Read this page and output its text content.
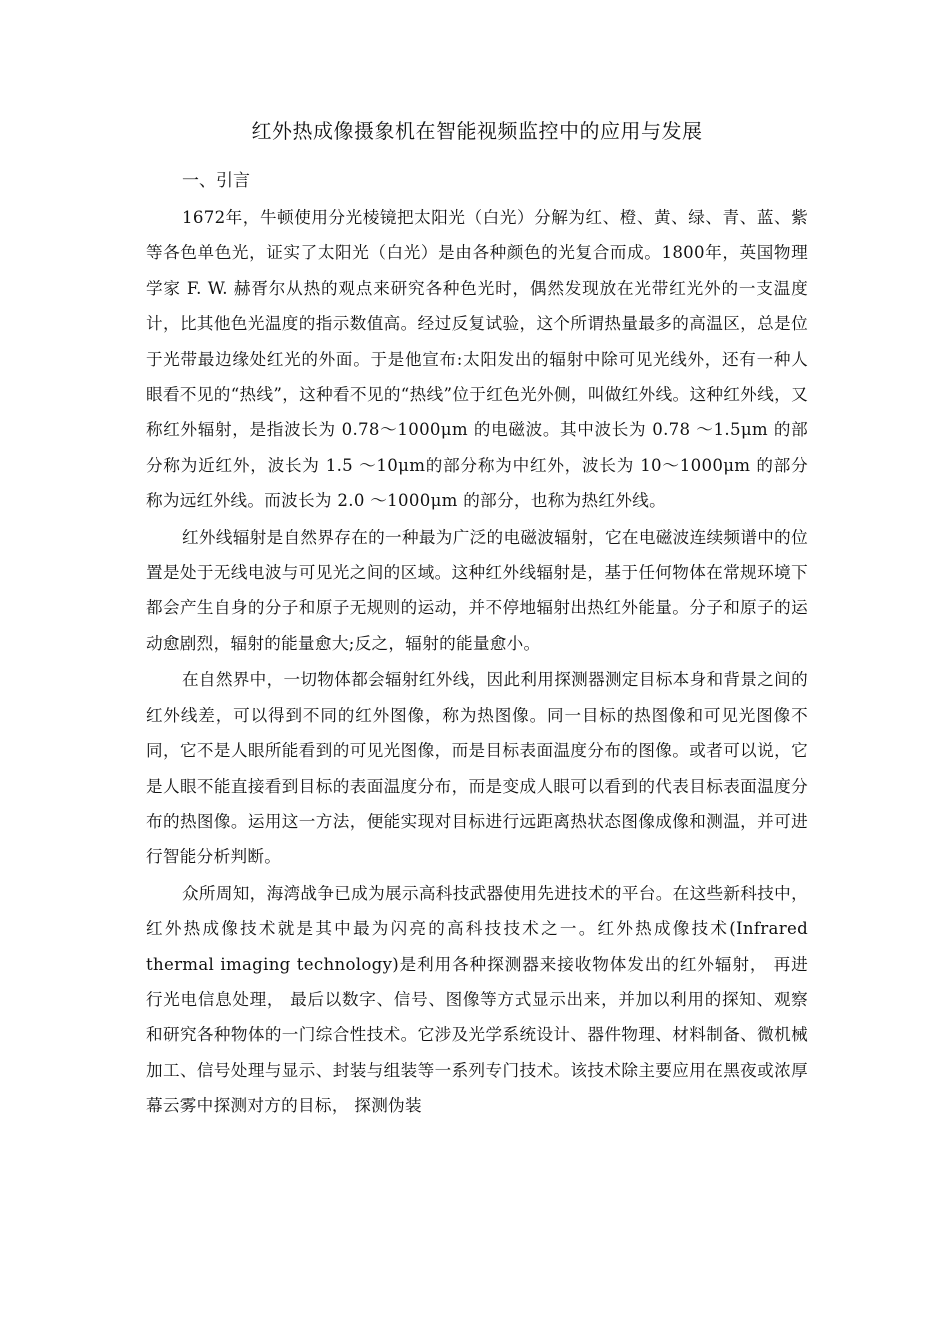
红外热成像摄象机在智能视频监控中的应用与发展
一、引言

1672年，牛顿使用分光棱镜把太阳光（白光）分解为红、橙、黄、绿、青、蓝、紫等各色单色光，证实了太阳光（白光）是由各种颜色的光复合而成。1800年，英国物理学家 F. W. 赫胥尔从热的观点来研究各种色光时，偶然发现放在光带红光外的一支温度计，比其他色光温度的指示数值高。经过反复试验，这个所谓热量最多的高温区，总是位于光带最边缘处红光的外面。于是他宣布:太阳发出的辐射中除可见光线外，还有一种人眼看不见的“热线”，这种看不见的“热线”位于红色光外侧，叫做红外线。这种红外线，又称红外辐射，是指波长为 0.78～1000μm 的电磁波。其中波长为 0.78 ～1.5μm 的部分称为近红外，波长为 1.5 ～10μm的部分称为中红外，波长为 10～1000μm 的部分称为远红外线。而波长为 2.0 ～1000μm 的部分，也称为热红外线。

红外线辐射是自然界存在的一种最为广泛的电磁波辐射，它在电磁波连续频谱中的位置是处于无线电波与可见光之间的区域。这种红外线辐射是，基于任何物体在常规环境下都会产生自身的分子和原子无规则的运动，并不停地辐射出热红外能量。分子和原子的运动愈剧烈，辐射的能量愈大;反之，辐射的能量愈小。

在自然界中，一切物体都会辐射红外线，因此利用探测器测定目标本身和背景之间的红外线差，可以得到不同的红外图像，称为热图像。同一目标的热图像和可见光图像不同，它不是人眼所能看到的可见光图像，而是目标表面温度分布的图像。或者可以说，它是人眼不能直接看到目标的表面温度分布，而是变成人眼可以看到的代表目标表面温度分布的热图像。运用这一方法，便能实现对目标进行远距离热状态图像成像和测温，并可进行智能分析判断。

众所周知，海湾战争已成为展示高科技武器使用先进技术的平台。在这些新科技中，红外热成像技术就是其中最为闪亮的高科技技术之一。红外热成像技术(Infrared thermal imaging technology)是利用各种探测器来接收物体发出的红外辐射， 再进行光电信息处理， 最后以数字、信号、图像等方式显示出来，并加以利用的探知、观察和研究各种物体的一门综合性技术。它涉及光学系统设计、器件物理、材料制备、微机械加工、信号处理与显示、封装与组装等一系列专门技术。该技术除主要应用在黑夜或浓厚幕云雾中探测对方的目标， 探测伪装
